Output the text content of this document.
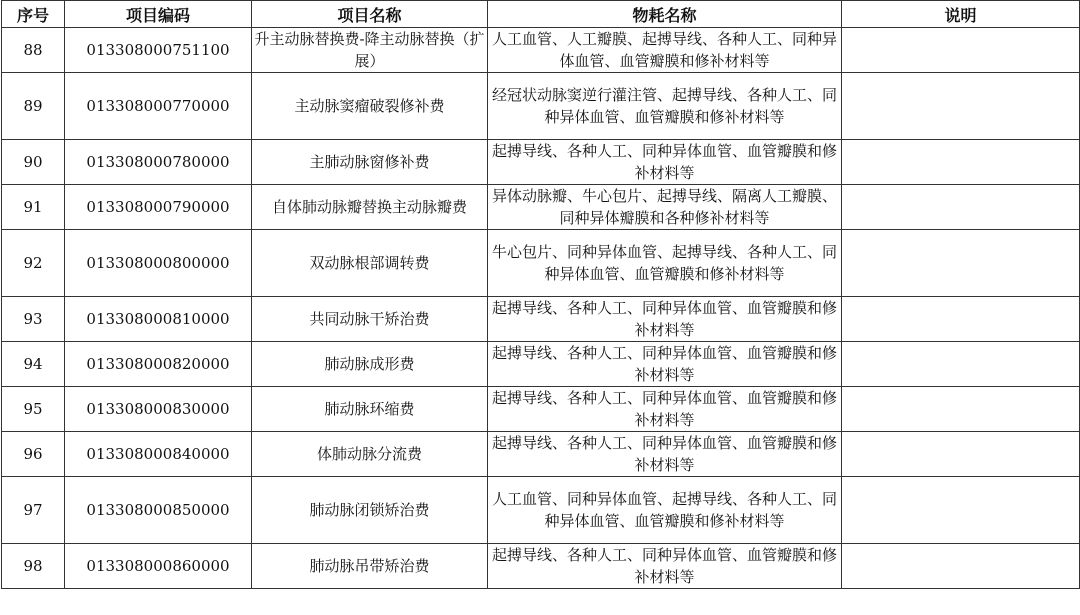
序号	项目编码	项目名称	物耗名称	说明
88	013308000751100	升主动脉替换费-降主动脉替换（扩展）	人工血管、人工瓣膜、起搏导线、各种人工、同种异体血管、血管瓣膜和修补材料等	
89	013308000770000	主动脉窦瘤破裂修补费	经冠状动脉窦逆行灌注管、起搏导线、各种人工、同种异体血管、血管瓣膜和修补材料等	
90	013308000780000	主肺动脉窗修补费	起搏导线、各种人工、同种异体血管、血管瓣膜和修补材料等	
91	013308000790000	自体肺动脉瓣替换主动脉瓣费	异体动脉瓣、牛心包片、起搏导线、隔离人工瓣膜、同种异体瓣膜和各种修补材料等	
92	013308000800000	双动脉根部调转费	牛心包片、同种异体血管、起搏导线、各种人工、同种异体血管、血管瓣膜和修补材料等	
93	013308000810000	共同动脉干矫治费	起搏导线、各种人工、同种异体血管、血管瓣膜和修补材料等	
94	013308000820000	肺动脉成形费	起搏导线、各种人工、同种异体血管、血管瓣膜和修补材料等	
95	013308000830000	肺动脉环缩费	起搏导线、各种人工、同种异体血管、血管瓣膜和修补材料等	
96	013308000840000	体肺动脉分流费	起搏导线、各种人工、同种异体血管、血管瓣膜和修补材料等	
97	013308000850000	肺动脉闭锁矫治费	人工血管、同种异体血管、起搏导线、各种人工、同种异体血管、血管瓣膜和修补材料等	
98	013308000860000	肺动脉吊带矫治费	起搏导线、各种人工、同种异体血管、血管瓣膜和修补材料等	
